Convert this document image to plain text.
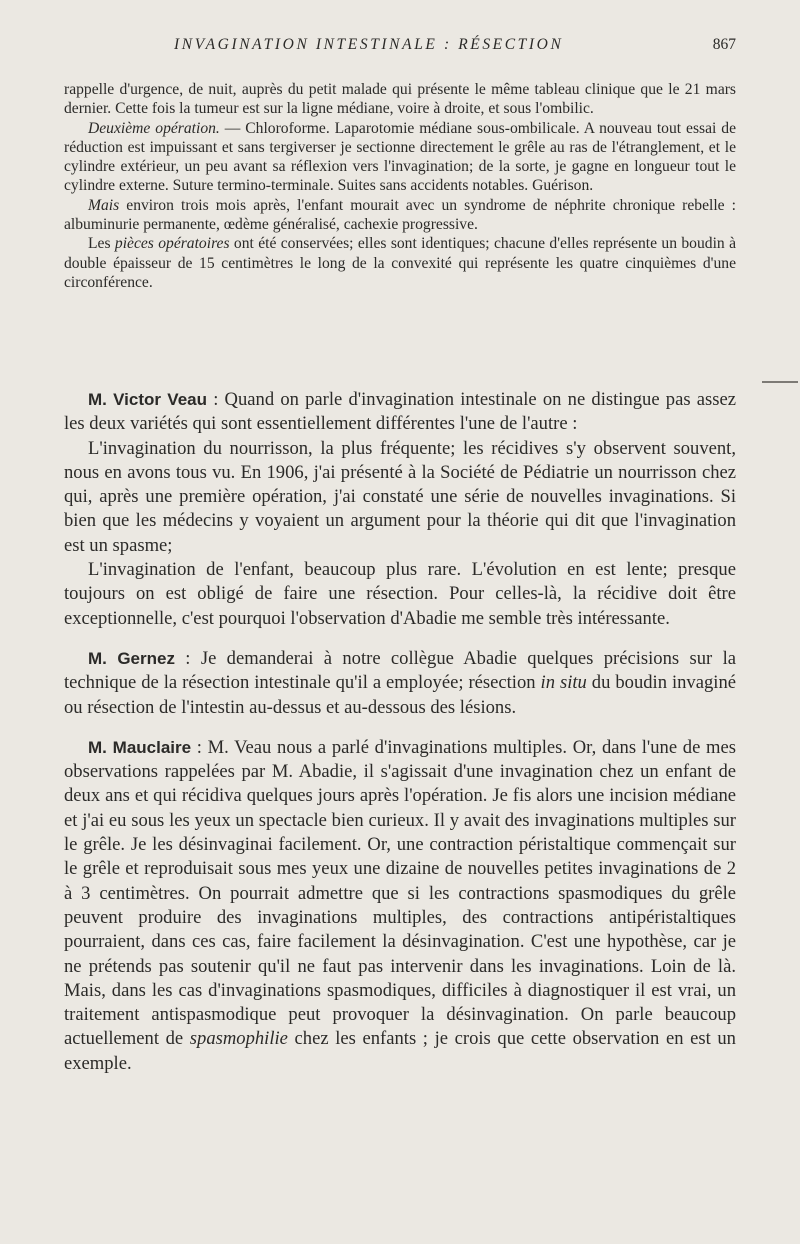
INVAGINATION INTESTINALE : RÉSECTION	867

rappelle d'urgence, de nuit, auprès du petit malade qui présente le même tableau clinique que le 21 mars dernier. Cette fois la tumeur est sur la ligne médiane, voire à droite, et sous l'ombilic.

Deuxième opération. — Chloroforme. Laparotomie médiane sous-ombilicale. A nouveau tout essai de réduction est impuissant et sans tergiverser je sectionne directement le grêle au ras de l'étranglement, et le cylindre extérieur, un peu avant sa réflexion vers l'invagination; de la sorte, je gagne en longueur tout le cylindre externe. Suture termino-terminale. Suites sans accidents notables. Guérison.

Mais environ trois mois après, l'enfant mourait avec un syndrome de néphrite chronique rebelle : albuminurie permanente, œdème généralisé, cachexie progressive.

Les pièces opératoires ont été conservées; elles sont identiques; chacune d'elles représente un boudin à double épaisseur de 15 centimètres le long de la convexité qui représente les quatre cinquièmes d'une circonférence.

M. Victor Veau : Quand on parle d'invagination intestinale on ne distingue pas assez les deux variétés qui sont essentiellement différentes l'une de l'autre :

L'invagination du nourrisson, la plus fréquente; les récidives s'y observent souvent, nous en avons tous vu. En 1906, j'ai présenté à la Société de Pédiatrie un nourrisson chez qui, après une première opération, j'ai constaté une série de nouvelles invaginations. Si bien que les médecins y voyaient un argument pour la théorie qui dit que l'invagination est un spasme;

L'invagination de l'enfant, beaucoup plus rare. L'évolution en est lente; presque toujours on est obligé de faire une résection. Pour celles-là, la récidive doit être exceptionnelle, c'est pourquoi l'observation d'Abadie me semble très intéressante.

M. Gernez : Je demanderai à notre collègue Abadie quelques précisions sur la technique de la résection intestinale qu'il a employée; résection in situ du boudin invaginé ou résection de l'intestin au-dessus et au-dessous des lésions.

M. Mauclaire : M. Veau nous a parlé d'invaginations multiples. Or, dans l'une de mes observations rappelées par M. Abadie, il s'agissait d'une invagination chez un enfant de deux ans et qui récidiva quelques jours après l'opération. Je fis alors une incision médiane et j'ai eu sous les yeux un spectacle bien curieux. Il y avait des invaginations multiples sur le grêle. Je les désinvaginai facilement. Or, une contraction péristaltique commençait sur le grêle et reproduisait sous mes yeux une dizaine de nouvelles petites invaginations de 2 à 3 centimètres. On pourrait admettre que si les contractions spasmodiques du grêle peuvent produire des invaginations multiples, des contractions antipéristaltiques pourraient, dans ces cas, faire facilement la désinvagination. C'est une hypothèse, car je ne prétends pas soutenir qu'il ne faut pas intervenir dans les invaginations. Loin de là. Mais, dans les cas d'invaginations spasmodiques, difficiles à diagnostiquer il est vrai, un traitement antispasmodique peut provoquer la désinvagination. On parle beaucoup actuellement de spasmophilie chez les enfants ; je crois que cette observation en est un exemple.
